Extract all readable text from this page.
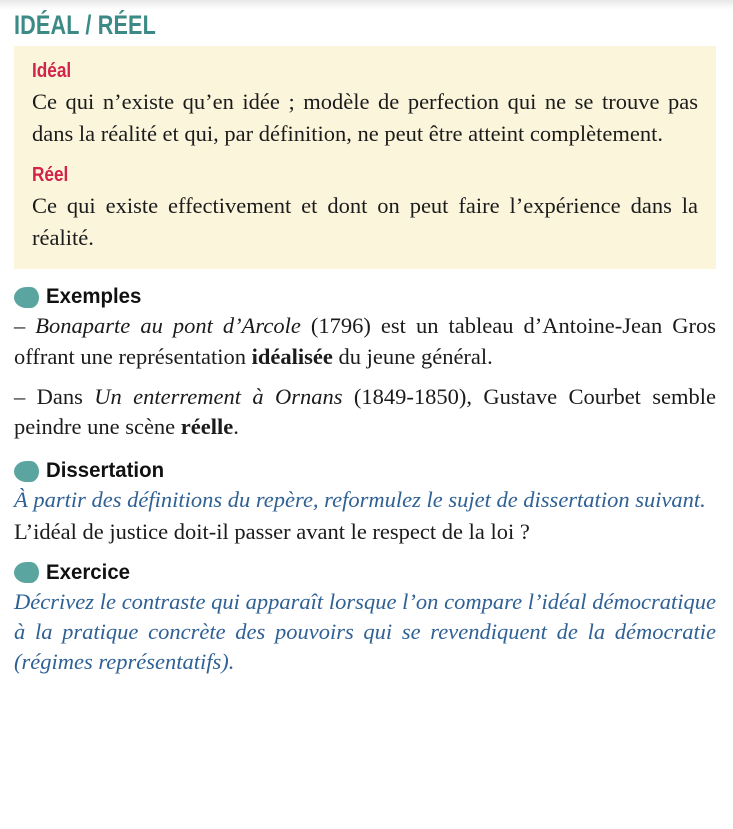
IDÉAL / RÉEL
Idéal

Ce qui n’existe qu’en idée ; modèle de perfection qui ne se trouve pas dans la réalité et qui, par définition, ne peut être atteint complètement.

Réel

Ce qui existe effectivement et dont on peut faire l’expérience dans la réalité.

Exemples

– Bonaparte au pont d’Arcole (1796) est un tableau d’Antoine-Jean Gros offrant une représentation idéalisée du jeune général.

– Dans Un enterrement à Ornans (1849-1850), Gustave Courbet semble peindre une scène réelle.

Dissertation

À partir des définitions du repère, reformulez le sujet de dissertation suivant.

L’idéal de justice doit-il passer avant le respect de la loi ?

Exercice

Décrivez le contraste qui apparaît lorsque l’on compare l’idéal démocratique à la pratique concrète des pouvoirs qui se revendiquent de la démocratie (régimes représentatifs).
